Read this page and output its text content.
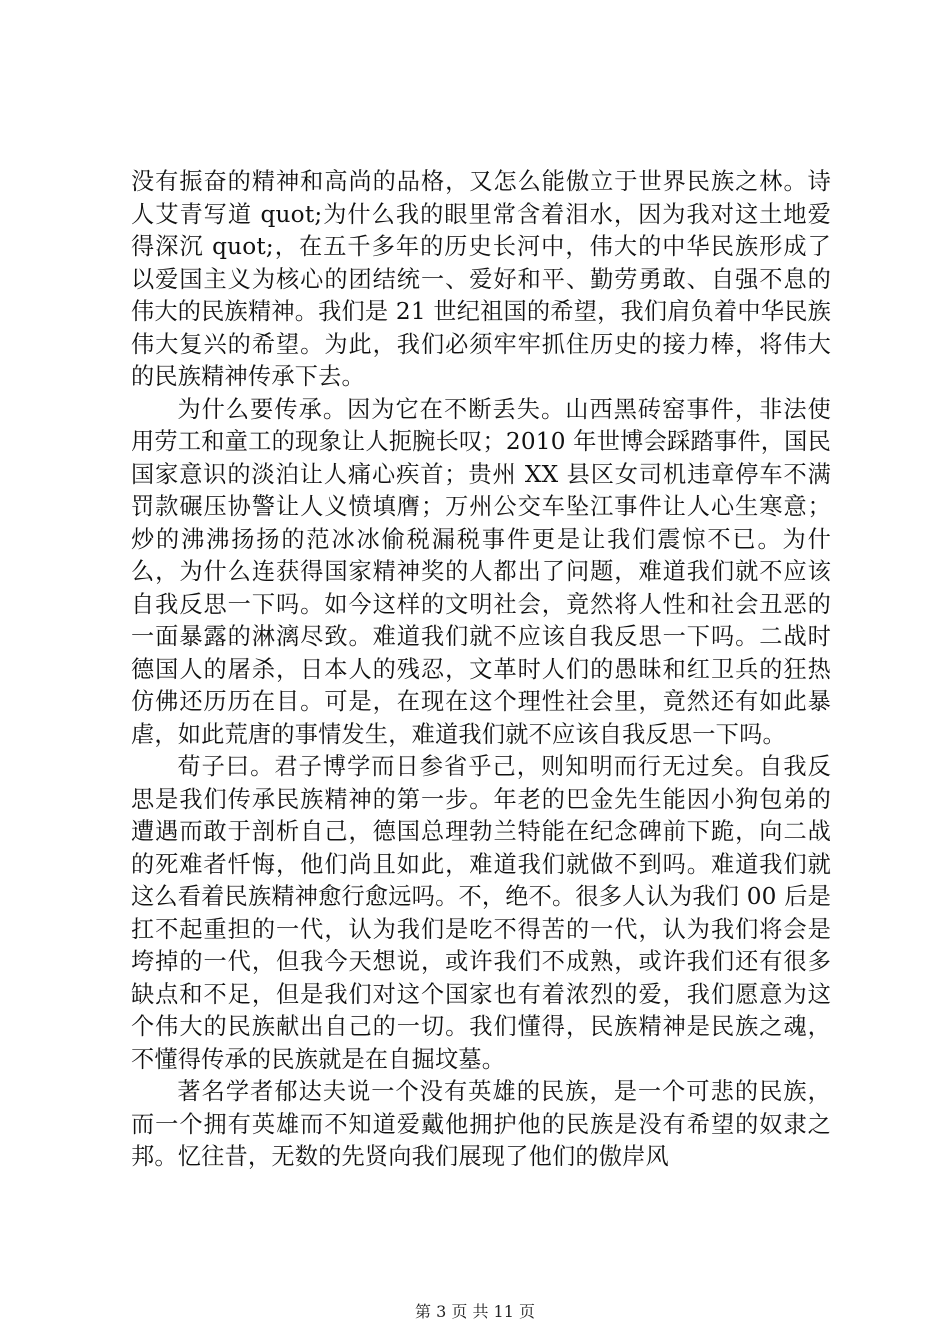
没有振奋的精神和高尚的品格，又怎么能傲立于世界民族之林。诗人艾青写道 quot;为什么我的眼里常含着泪水，因为我对这土地爱得深沉 quot;，在五千多年的历史长河中，伟大的中华民族形成了以爱国主义为核心的团结统一、爱好和平、勤劳勇敢、自强不息的伟大的民族精神。我们是 21 世纪祖国的希望，我们肩负着中华民族伟大复兴的希望。为此，我们必须牢牢抓住历史的接力棒，将伟大的民族精神传承下去。

为什么要传承。因为它在不断丢失。山西黑砖窑事件，非法使用劳工和童工的现象让人扼腕长叹；2010 年世博会踩踏事件，国民国家意识的淡泊让人痛心疾首；贵州 XX 县区女司机违章停车不满罚款碾压协警让人义愤填膺；万州公交车坠江事件让人心生寒意；炒的沸沸扬扬的范冰冰偷税漏税事件更是让我们震惊不已。为什么，为什么连获得国家精神奖的人都出了问题，难道我们就不应该自我反思一下吗。如今这样的文明社会，竟然将人性和社会丑恶的一面暴露的淋漓尽致。难道我们就不应该自我反思一下吗。二战时德国人的屠杀，日本人的残忍，文革时人们的愚昧和红卫兵的狂热仿佛还历历在目。可是，在现在这个理性社会里，竟然还有如此暴虐，如此荒唐的事情发生，难道我们就不应该自我反思一下吗。

荀子曰。君子博学而日参省乎己，则知明而行无过矣。自我反思是我们传承民族精神的第一步。年老的巴金先生能因小狗包弟的遭遇而敢于剖析自己，德国总理勃兰特能在纪念碑前下跪，向二战的死难者忏悔，他们尚且如此，难道我们就做不到吗。难道我们就这么看着民族精神愈行愈远吗。不，绝不。很多人认为我们 00 后是扛不起重担的一代，认为我们是吃不得苦的一代，认为我们将会是垮掉的一代，但我今天想说，或许我们不成熟，或许我们还有很多缺点和不足，但是我们对这个国家也有着浓烈的爱，我们愿意为这个伟大的民族献出自己的一切。我们懂得，民族精神是民族之魂，不懂得传承的民族就是在自掘坟墓。

著名学者郁达夫说一个没有英雄的民族，是一个可悲的民族，而一个拥有英雄而不知道爱戴他拥护他的民族是没有希望的奴隶之邦。忆往昔，无数的先贤向我们展现了他们的傲岸风

第 3 页 共 11 页
